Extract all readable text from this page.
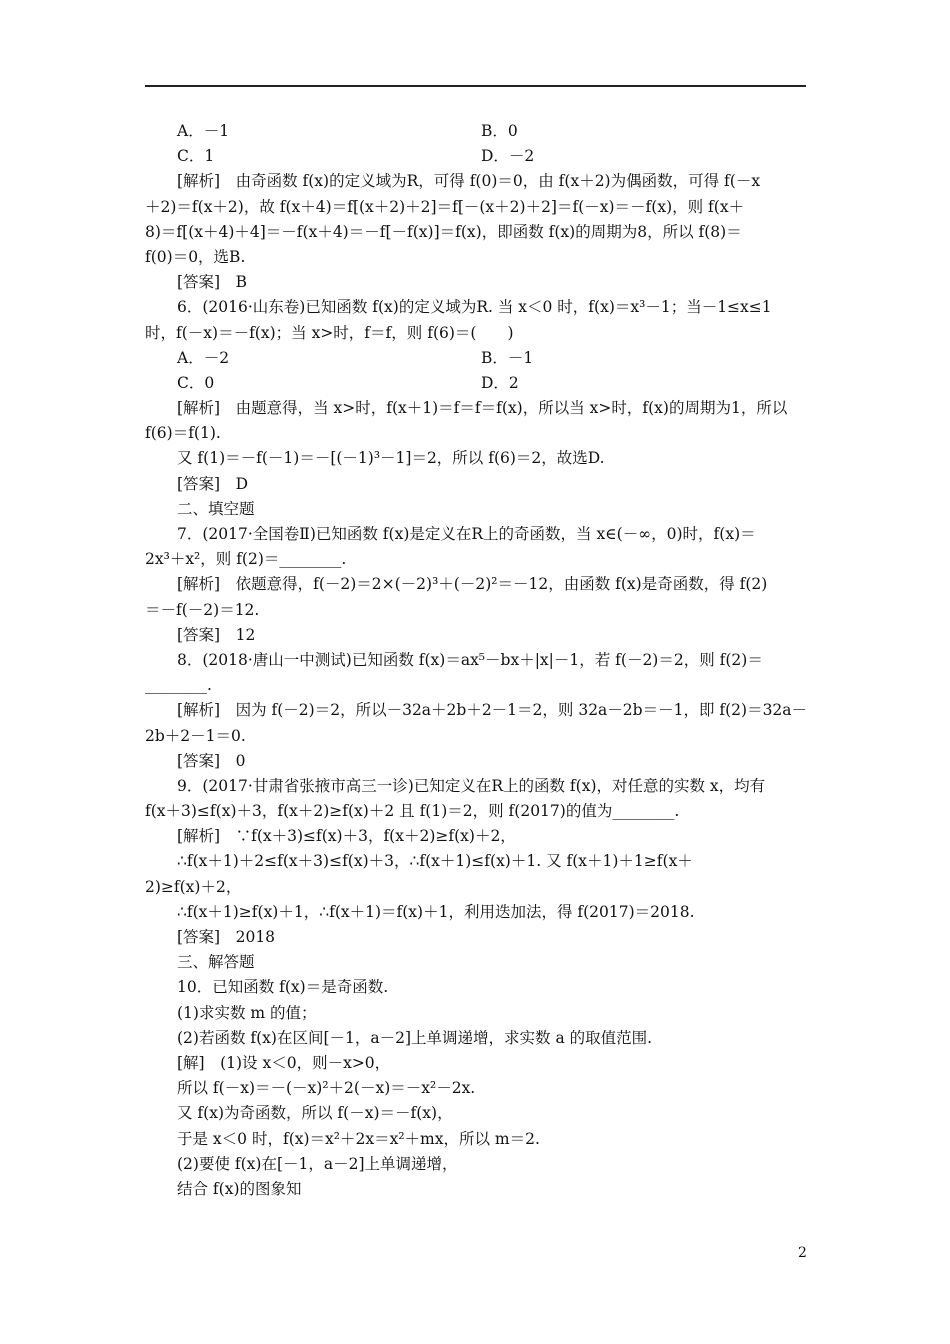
A．－1	B．0
C．1	D．－2
[解析]　由奇函数 f(x)的定义域为R，可得 f(0)＝0，由 f(x＋2)为偶函数，可得 f(－x
＋2)＝f(x＋2)，故 f(x＋4)＝f[(x＋2)＋2]＝f[－(x＋2)＋2]＝f(－x)＝－f(x)，则 f(x＋
8)＝f[(x＋4)＋4]＝－f(x＋4)＝－f[－f(x)]＝f(x)，即函数 f(x)的周期为8，所以 f(8)＝
f(0)＝0，选B.
[答案]　B
6．(2016·山东卷)已知函数 f(x)的定义域为R. 当 x＜0 时，f(x)＝x³－1；当－1≤x≤1
时，f(－x)＝－f(x)；当 x>时，f＝f，则 f(6)＝(　　)
A．－2	B．－1
C．0	D．2
[解析]　由题意得，当 x>时，f(x＋1)＝f＝f＝f(x)，所以当 x>时，f(x)的周期为1，所以
f(6)＝f(1).
又 f(1)＝－f(－1)＝－[(－1)³－1]＝2，所以 f(6)＝2，故选D.
[答案]　D
二、填空题
7．(2017·全国卷Ⅱ)已知函数 f(x)是定义在R上的奇函数，当 x∈(－∞，0)时，f(x)＝
2x³＋x²，则 f(2)＝________.
[解析]　依题意得，f(－2)＝2×(－2)³＋(－2)²＝－12，由函数 f(x)是奇函数，得 f(2)
＝－f(－2)＝12.
[答案]　12
8．(2018·唐山一中测试)已知函数 f(x)＝ax⁵－bx＋|x|－1，若 f(－2)＝2，则 f(2)＝
________.
[解析]　因为 f(－2)＝2，所以－32a＋2b＋2－1＝2，则 32a－2b＝－1，即 f(2)＝32a－
2b＋2－1＝0.
[答案]　0
9．(2017·甘肃省张掖市高三一诊)已知定义在R上的函数 f(x)，对任意的实数 x，均有
f(x＋3)≤f(x)＋3，f(x＋2)≥f(x)＋2 且 f(1)＝2，则 f(2017)的值为________.
[解析]　∵f(x＋3)≤f(x)＋3，f(x＋2)≥f(x)＋2，
∴f(x＋1)＋2≤f(x＋3)≤f(x)＋3，∴f(x＋1)≤f(x)＋1. 又 f(x＋1)＋1≥f(x＋
2)≥f(x)＋2，
∴f(x＋1)≥f(x)＋1，∴f(x＋1)＝f(x)＋1，利用迭加法，得 f(2017)＝2018.
[答案]　2018
三、解答题
10．已知函数 f(x)＝是奇函数.
(1)求实数 m 的值；
(2)若函数 f(x)在区间[－1，a－2]上单调递增，求实数 a 的取值范围.
[解]　(1)设 x＜0，则－x>0，
所以 f(－x)＝－(－x)²＋2(－x)＝－x²－2x.
又 f(x)为奇函数，所以 f(－x)＝－f(x)，
于是 x＜0 时，f(x)＝x²＋2x＝x²＋mx，所以 m＝2.
(2)要使 f(x)在[－1，a－2]上单调递增，
结合 f(x)的图象知
2
